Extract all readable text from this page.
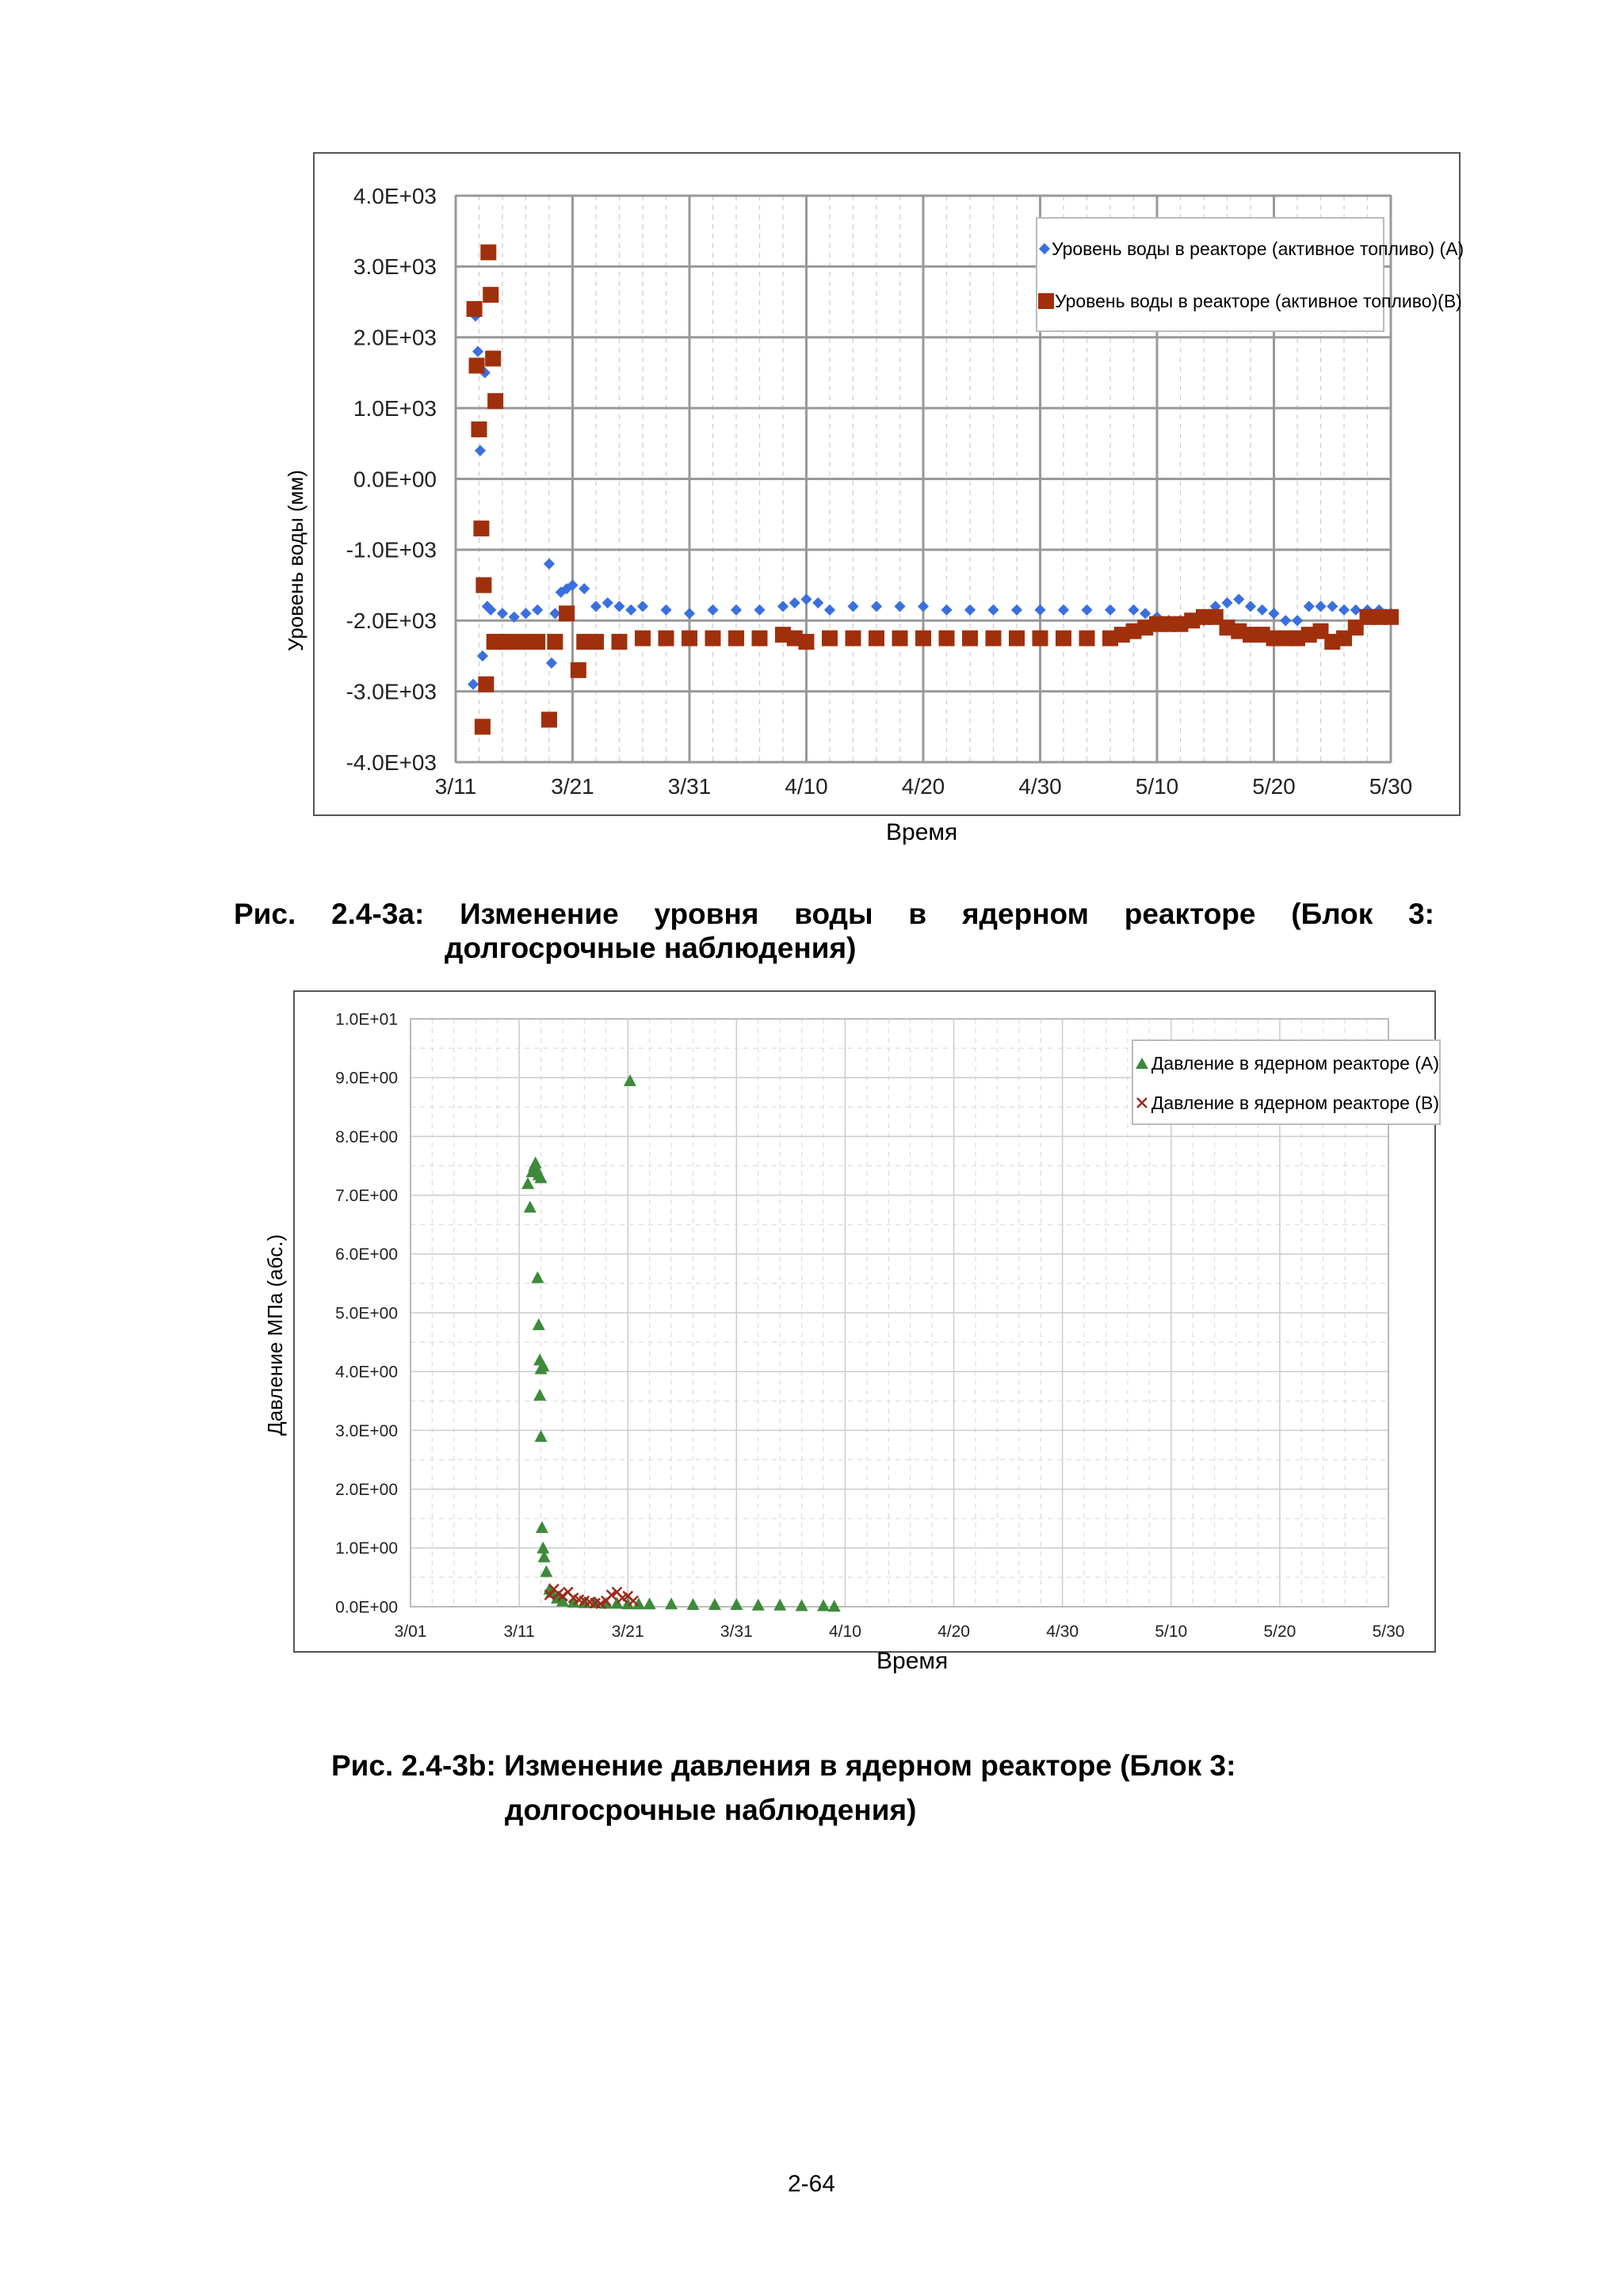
3/11	3/21	3/31	4/10	4/20	4/30	5/10	5/20	5/30
4.0E+03
3.0E+03
2.0E+03
1.0E+03
0.0E+00
-1.0E+03
-2.0E+03
-3.0E+03
-4.0E+03
Уровень воды в реакторе (активное топливо) (A)
Уровень воды в реакторе (активное топливо)(B)
Уровень воды (мм)
Время
Рис. 2.4-3a: Изменение уровня воды в ядерном реакторе (Блок 3:
долгосрочные наблюдения)
3/01	3/11	3/21	3/31	4/10	4/20	4/30	5/10	5/20	5/30
1.0E+01
9.0E+00
8.0E+00
7.0E+00
6.0E+00
5.0E+00
4.0E+00
3.0E+00
2.0E+00
1.0E+00
0.0E+00
Давление в ядерном реакторе (A)
Давление в ядерном реакторе (B)
Давление МПа (абс.)
Время
Рис. 2.4-3b: Изменение давления в ядерном реакторе (Блок 3:
долгосрочные наблюдения)
2-64
